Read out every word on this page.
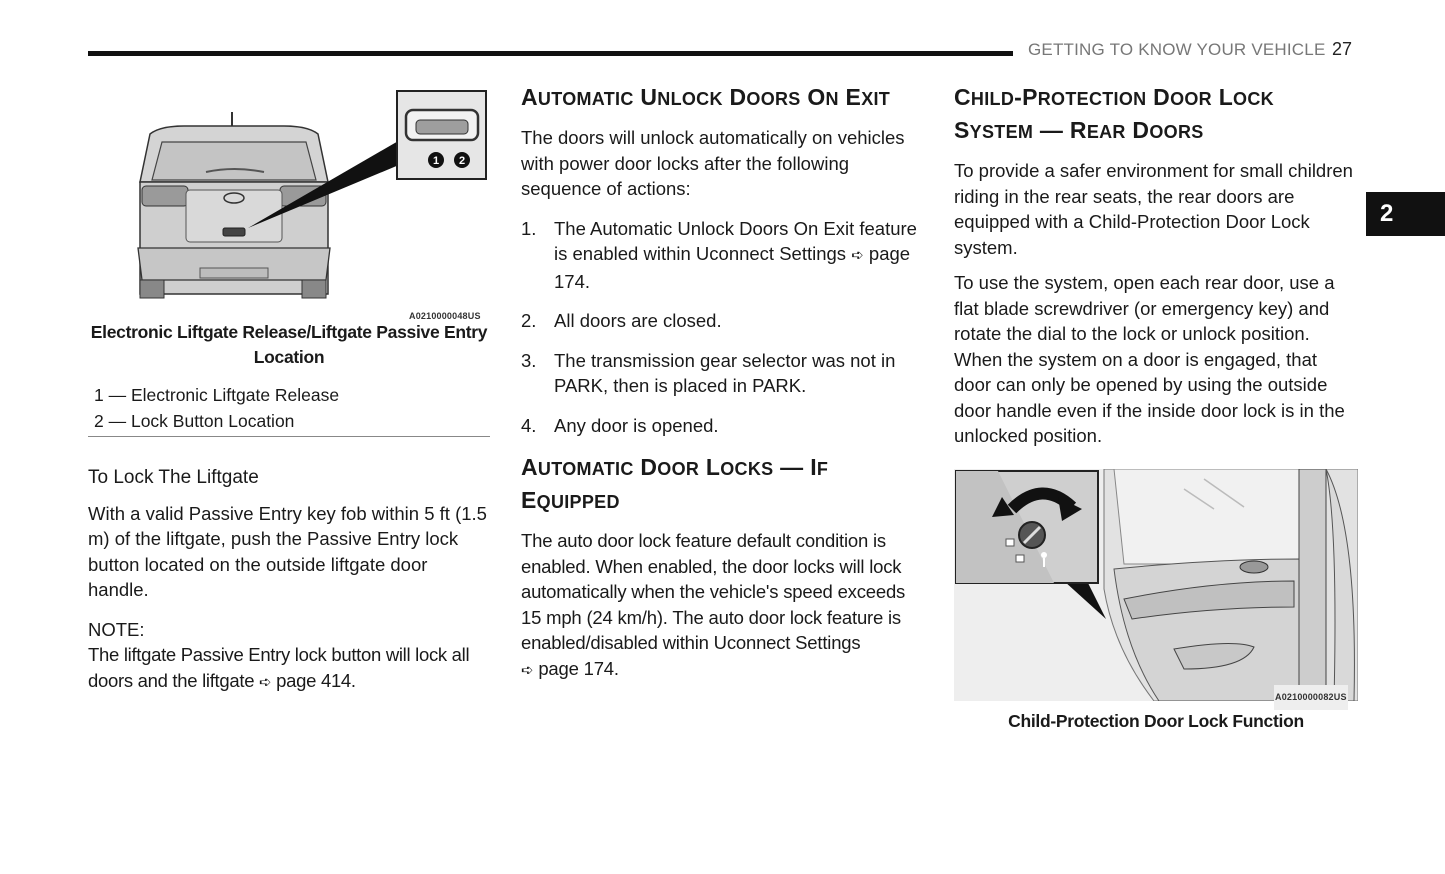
GETTING TO KNOW YOUR VEHICLE 27
2
1 2
A0210000048US
Electronic Liftgate Release/Liftgate Passive Entry
Location
1 — Electronic Liftgate Release
2 — Lock Button Location
To Lock The Liftgate

With a valid Passive Entry key fob within 5 ft (1.5 m) of the liftgate, push the Passive Entry lock button located on the outside liftgate door handle.

NOTE:
The liftgate Passive Entry lock button will lock all doors and the liftgate ➪ page 414.
AUTOMATIC UNLOCK DOORS ON EXIT

The doors will unlock automatically on vehicles with power door locks after the following sequence of actions:

1. The Automatic Unlock Doors On Exit feature is enabled within Uconnect Settings ➪ page 174.
2. All doors are closed.
3. The transmission gear selector was not in PARK, then is placed in PARK.
4. Any door is opened.
AUTOMATIC DOOR LOCKS — IF
EQUIPPED

The auto door lock feature default condition is enabled. When enabled, the door locks will lock automatically when the vehicle's speed exceeds 15 mph (24 km/h). The auto door lock feature is enabled/disabled within Uconnect Settings
➪ page 174.

CHILD-PROTECTION DOOR LOCK
SYSTEM — REAR DOORS

To provide a safer environment for small children riding in the rear seats, the rear doors are equipped with a Child-Protection Door Lock system.

To use the system, open each rear door, use a flat blade screwdriver (or emergency key) and rotate the dial to the lock or unlock position. When the system on a door is engaged, that door can only be opened by using the outside door handle even if the inside door lock is in the unlocked position.

A0210000082US
Child-Protection Door Lock Function
